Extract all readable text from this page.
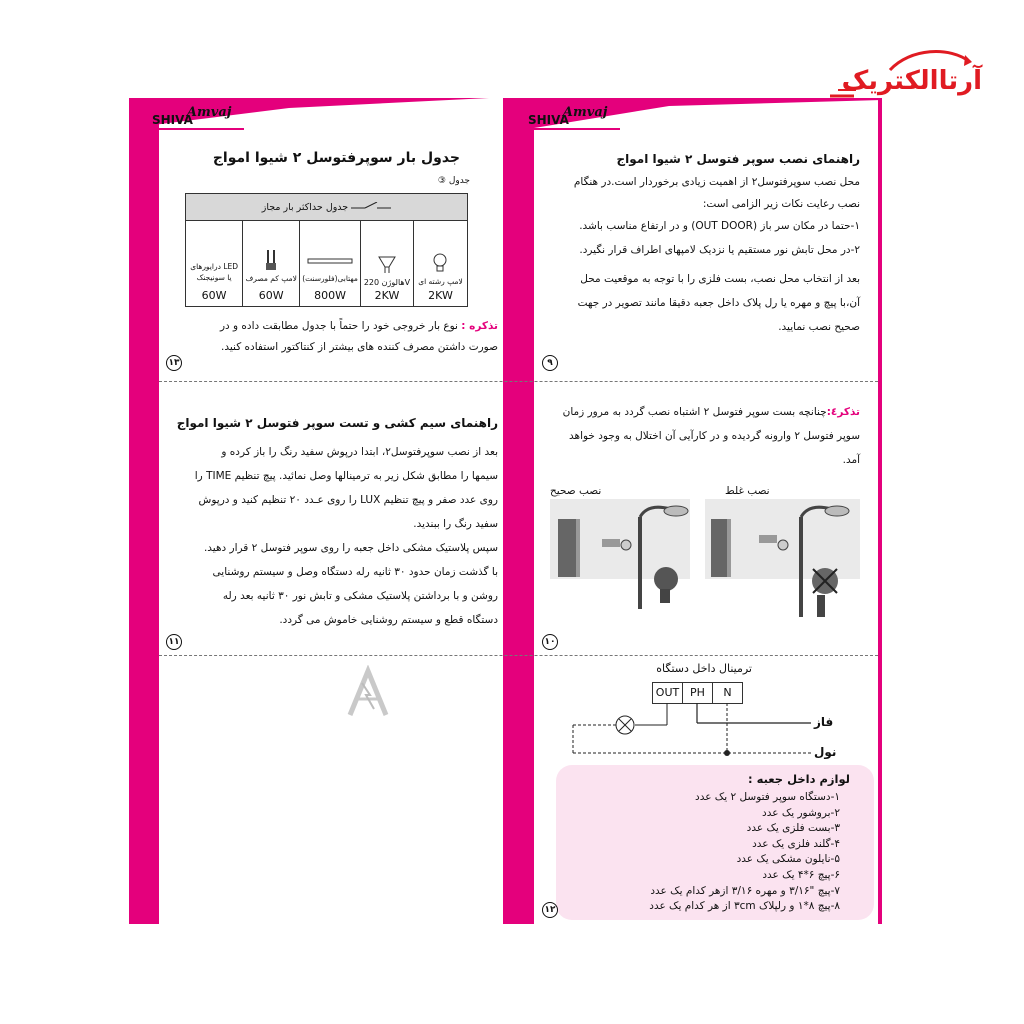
آرتاالکتریک
SHIVAAmvaj	SHIVAAmvaj
جدول بار سوپرفتوسل ۲ شیوا امواج
جدول ③
جدول حداکثر بار مجاز

درایورهای LED یا سونیجنک
60W

لامپ کم مصرف
60W

مهتابی(فلورسنت)
800W

هالوژن 220V
2KW

لامپ رشته ای
2KW
تذکره : نوع بار خروجی خود را حتماً با جدول مطابقت داده و در
صورت داشتن مصرف کننده های بیشتر از کنتاکتور استفاده کنید.
۱۳
راهنمای نصب سوپر فتوسل ۲ شیوا امواج
محل نصب سوپرفتوسل۲ از اهمیت زیادی برخوردار است.در هنگام
نصب رعایت نکات زیر الزامی است:
۱-حتما در مکان سر باز (OUT DOOR) و در ارتفاع مناسب باشد.
۲-در محل تابش نور مستقیم یا نزدیک لامپهای اطراف قرار نگیرد.
بعد از انتخاب محل نصب، بست فلزی را با توجه به موقعیت محل
آن،با پیچ و مهره یا رل پلاک داخل جعبه دقیقا مانند تصویر در جهت
صحیح نصب نمایید.
۹
راهنمای سیم کشی و تست سوپر فتوسل ۲ شیوا امواج
بعد از نصب سوپرفتوسل۲، ابتدا درپوش سفید رنگ را باز کرده و
سیمها را مطابق شکل زیر به ترمینالها وصل نمائید. پیچ تنظیم TIME را
روی عدد صفر و پیچ تنظیم LUX را روی عـدد ۲۰ تنظیم کنید و درپوش
سفید رنگ را ببندید.
سپس پلاستیک مشکی داخل جعبه را روی سوپر فتوسل ۲ قرار دهید.
با گذشت زمان حدود ۳۰ ثانیه رله دستگاه وصل و سیستم روشنایی
روشن و با برداشتن پلاستیک مشکی و تابش نور ۳۰ ثانیه بعد رله
دستگاه قطع و سیستم روشنایی خاموش می گردد.
۱۱
تذکر٤:چنانچه بست سوپر فتوسل ۲ اشتباه نصب گردد به مرور زمان
سوپر فتوسل ۲ وارونه گردیده و در کارآیی آن اختلال به وجود خواهد
آمد.
نصب صحیح	نصب غلط
۱۰
ترمینال داخل دستگاه
OUT PH	N
فاز
نول
لوازم داخل جعبه :
۱-دستگاه سوپر فتوسل ۲ یک عدد
۲-بروشور یک عدد
۳-بست فلزی یک عدد
۴-گلند فلزی یک عدد
۵-نایلون مشکی یک عدد
۶-پیچ ۶*۴ یک عدد
۷-پیچ "۳/۱۶ و مهره ۳/۱۶ ازهر کدام یک عدد
۸-پیچ ۸*۱ و رلپلاک ۳cm از هر کدام یک عدد
۱۲
